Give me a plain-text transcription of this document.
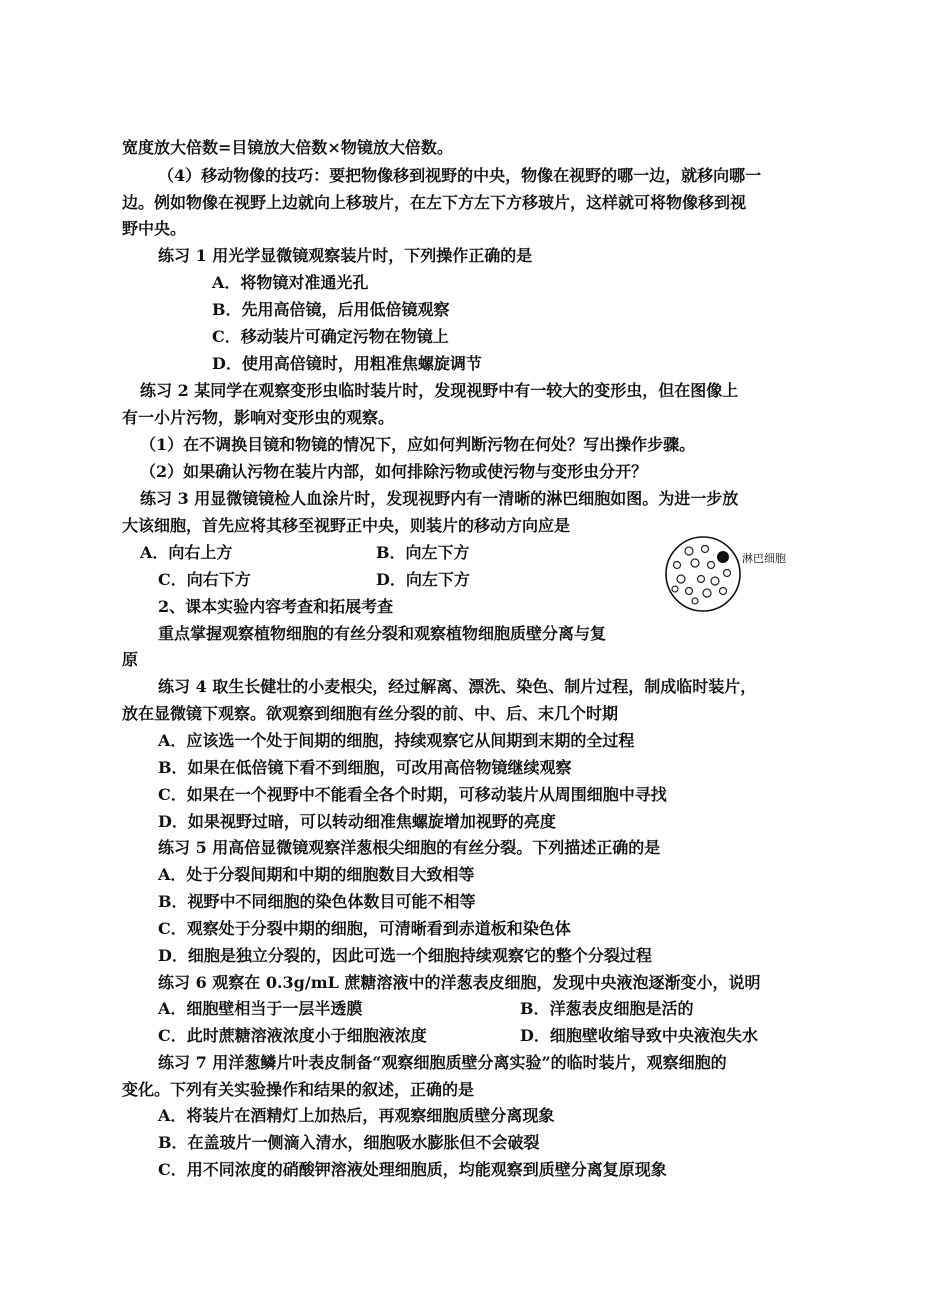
宽度放大倍数=目镜放大倍数×物镜放大倍数。
（4）移动物像的技巧：要把物像移到视野的中央，物像在视野的哪一边，就移向哪一
边。例如物像在视野上边就向上移玻片，在左下方左下方移玻片，这样就可将物像移到视
野中央。
练习 1 用光学显微镜观察装片时，下列操作正确的是
A．将物镜对准通光孔
B．先用高倍镜，后用低倍镜观察
C．移动装片可确定污物在物镜上
D．使用高倍镜时，用粗准焦螺旋调节
练习 2 某同学在观察变形虫临时装片时，发现视野中有一较大的变形虫，但在图像上
有一小片污物，影响对变形虫的观察。
（1）在不调换目镜和物镜的情况下，应如何判断污物在何处？写出操作步骤。
（2）如果确认污物在装片内部，如何排除污物或使污物与变形虫分开？
练习 3 用显微镜镜检人血涂片时，发现视野内有一清晰的淋巴细胞如图。为进一步放
大该细胞，首先应将其移至视野正中央，则装片的移动方向应是
A．向右上方	B．向左下方
C．向右下方	D．向左下方
2、课本实验内容考查和拓展考查
重点掌握观察植物细胞的有丝分裂和观察植物细胞质壁分离与复
原
练习 4 取生长健壮的小麦根尖，经过解离、漂洗、染色、制片过程，制成临时装片，
放在显微镜下观察。欲观察到细胞有丝分裂的前、中、后、末几个时期
A．应该选一个处于间期的细胞，持续观察它从间期到末期的全过程
B．如果在低倍镜下看不到细胞，可改用高倍物镜继续观察
C．如果在一个视野中不能看全各个时期，可移动装片从周围细胞中寻找
D．如果视野过暗，可以转动细准焦螺旋增加视野的亮度
练习 5 用高倍显微镜观察洋葱根尖细胞的有丝分裂。下列描述正确的是
A．处于分裂间期和中期的细胞数目大致相等
B．视野中不同细胞的染色体数目可能不相等
C．观察处于分裂中期的细胞，可清晰看到赤道板和染色体
D．细胞是独立分裂的，因此可选一个细胞持续观察它的整个分裂过程
练习 6 观察在 0.3g/mL 蔗糖溶液中的洋葱表皮细胞，发现中央液泡逐渐变小，说明
A．细胞壁相当于一层半透膜	B．洋葱表皮细胞是活的
C．此时蔗糖溶液浓度小于细胞液浓度	D．细胞壁收缩导致中央液泡失水
练习 7 用洋葱鳞片叶表皮制备“观察细胞质壁分离实验”的临时装片，观察细胞的
变化。下列有关实验操作和结果的叙述，正确的是
A．将装片在酒精灯上加热后，再观察细胞质壁分离现象
B．在盖玻片一侧滴入清水，细胞吸水膨胀但不会破裂
C．用不同浓度的硝酸钾溶液处理细胞质，均能观察到质壁分离复原现象
淋巴细胞
